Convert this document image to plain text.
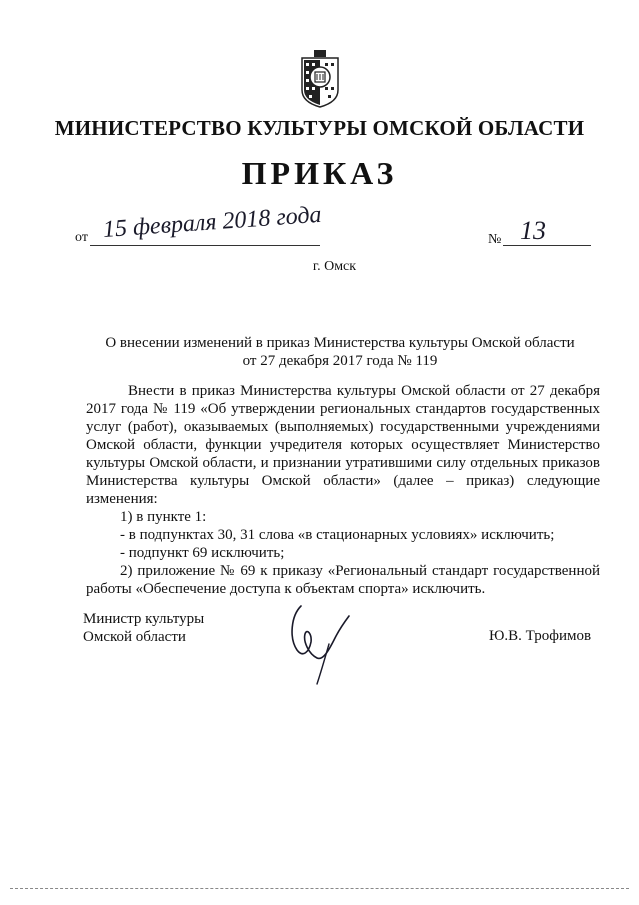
МИНИСТЕРСТВО КУЛЬТУРЫ ОМСКОЙ ОБЛАСТИ
ПРИКАЗ
от 15 февраля 2018 года	№ 13
г. Омск
О внесении изменений в приказ Министерства культуры Омской области
от 27 декабря 2017 года № 119

Внести в приказ Министерства культуры Омской области от 27 декабря 2017 года № 119 «Об утверждении региональных стандартов государственных услуг (работ), оказываемых (выполняемых) государственными учреждениями Омской области, функции учредителя которых осуществляет Министерство культуры Омской области, и признании утратившими силу отдельных приказов Министерства культуры Омской области» (далее – приказ) следующие изменения:

1) в пункте 1:

- в подпунктах 30, 31 слова «в стационарных условиях» исключить;

- подпункт 69 исключить;

2) приложение № 69 к приказу «Региональный стандарт государственной работы «Обеспечение доступа к объектам спорта» исключить.

Министр культуры
Омской области	Ю.В. Трофимов
